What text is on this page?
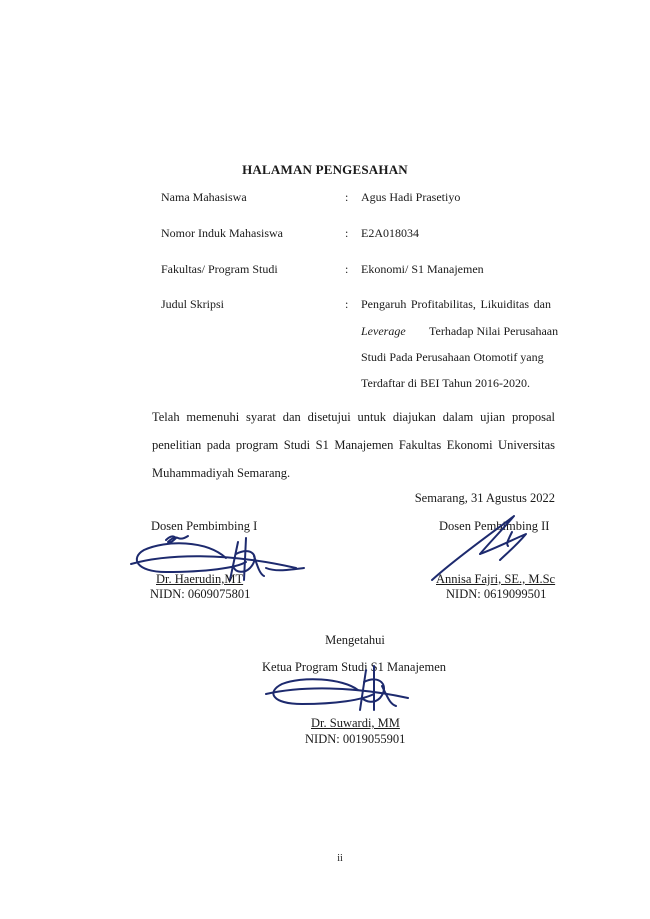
HALAMAN PENGESAHAN
Nama Mahasiswa	: Agus Hadi Prasetiyo
Nomor Induk Mahasiswa	: E2A018034
Fakultas/ Program Studi	: Ekonomi/ S1 Manajemen
Judul Skripsi	: Pengaruh Profitabilitas, Likuiditas dan
Leverage Terhadap Nilai Perusahaan
Studi Pada Perusahaan Otomotif yang
Terdaftar di BEI Tahun 2016-2020.
Telah memenuhi syarat dan disetujui untuk diajukan dalam ujian proposal
penelitian pada program Studi S1 Manajemen Fakultas Ekonomi Universitas
Muhammadiyah Semarang.
Semarang, 31 Agustus 2022
Dosen Pembimbing I
Dr. Haerudin,MT
NIDN: 0609075801
Dosen Pembimbing II
Annisa Fajri, SE., M.Sc
NIDN: 0619099501
Mengetahui
Ketua Program Studi S1 Manajemen
Dr. Suwardi, MM
NIDN: 0019055901
ii
